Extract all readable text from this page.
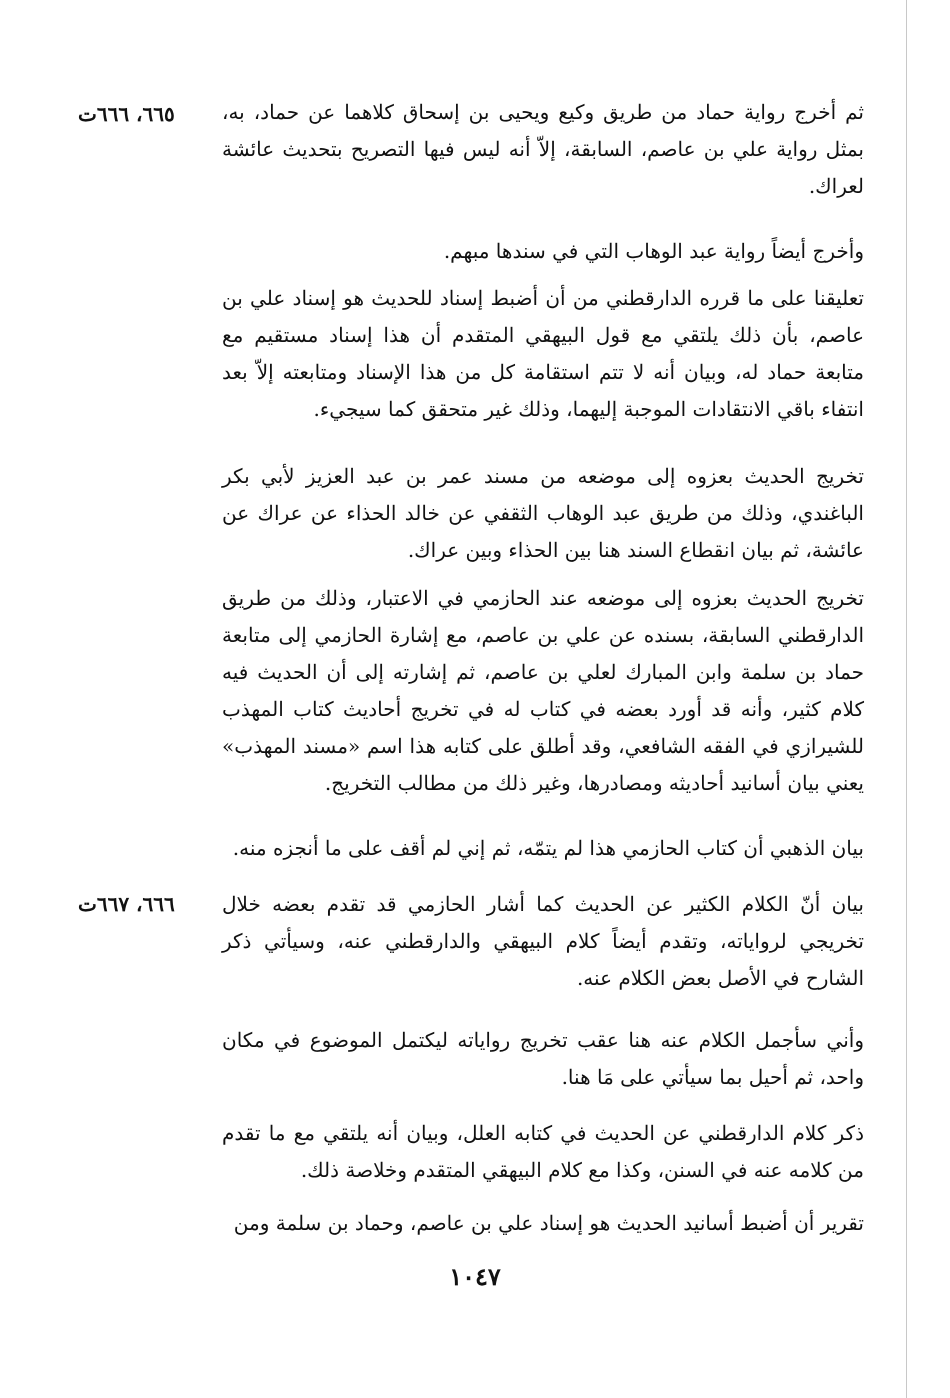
٦٦٥، ٦٦٦ت	ثم أخرج رواية حماد من طريق وكيع ويحيى بن إسحاق كلاهما عن حماد، به، بمثل رواية علي بن عاصم، السابقة، إلاّ أنه ليس فيها التصريح بتحديث عائشة لعراك.

وأخرج أيضاً رواية عبد الوهاب التي في سندها مبهم.

تعليقنا على ما قرره الدارقطني من أن أضبط إسناد للحديث هو إسناد علي بن عاصم، بأن ذلك يلتقي مع قول البيهقي المتقدم أن هذا إسناد مستقيم مع متابعة حماد له، وبيان أنه لا تتم استقامة كل من هذا الإسناد ومتابعته إلاّ بعد انتفاء باقي الانتقادات الموجبة إليهما، وذلك غير متحقق كما سيجيء.

تخريج الحديث بعزوه إلى موضعه من مسند عمر بن عبد العزيز لأبي بكر الباغندي، وذلك من طريق عبد الوهاب الثقفي عن خالد الحذاء عن عراك عن عائشة، ثم بيان انقطاع السند هنا بين الحذاء وبين عراك.

تخريج الحديث بعزوه إلى موضعه عند الحازمي في الاعتبار، وذلك من طريق الدارقطني السابقة، بسنده عن علي بن عاصم، مع إشارة الحازمي إلى متابعة حماد بن سلمة وابن المبارك لعلي بن عاصم، ثم إشارته إلى أن الحديث فيه كلام كثير، وأنه قد أورد بعضه في كتاب له في تخريج أحاديث كتاب المهذب للشيرازي في الفقه الشافعي، وقد أطلق على كتابه هذا اسم «مسند المهذب» يعني بيان أسانيد أحاديثه ومصادرها، وغير ذلك من مطالب التخريج.

بيان الذهبي أن كتاب الحازمي هذا لم يتمّه، ثم إني لم أقف على ما أنجزه منه.

٦٦٦، ٦٦٧ت	بيان أنّ الكلام الكثير عن الحديث كما أشار الحازمي قد تقدم بعضه خلال تخريجي لرواياته، وتقدم أيضاً كلام البيهقي والدارقطني عنه، وسيأتي ذكر الشارح في الأصل بعض الكلام عنه.

وأني سأجمل الكلام عنه هنا عقب تخريج رواياته ليكتمل الموضوع في مكان واحد، ثم أحيل بما سيأتي على مَا هنا.

ذكر كلام الدارقطني عن الحديث في كتابه العلل، وبيان أنه يلتقي مع ما تقدم من كلامه عنه في السنن، وكذا مع كلام البيهقي المتقدم وخلاصة ذلك.

تقرير أن أضبط أسانيد الحديث هو إسناد علي بن عاصم، وحماد بن سلمة ومن

١٠٤٧
